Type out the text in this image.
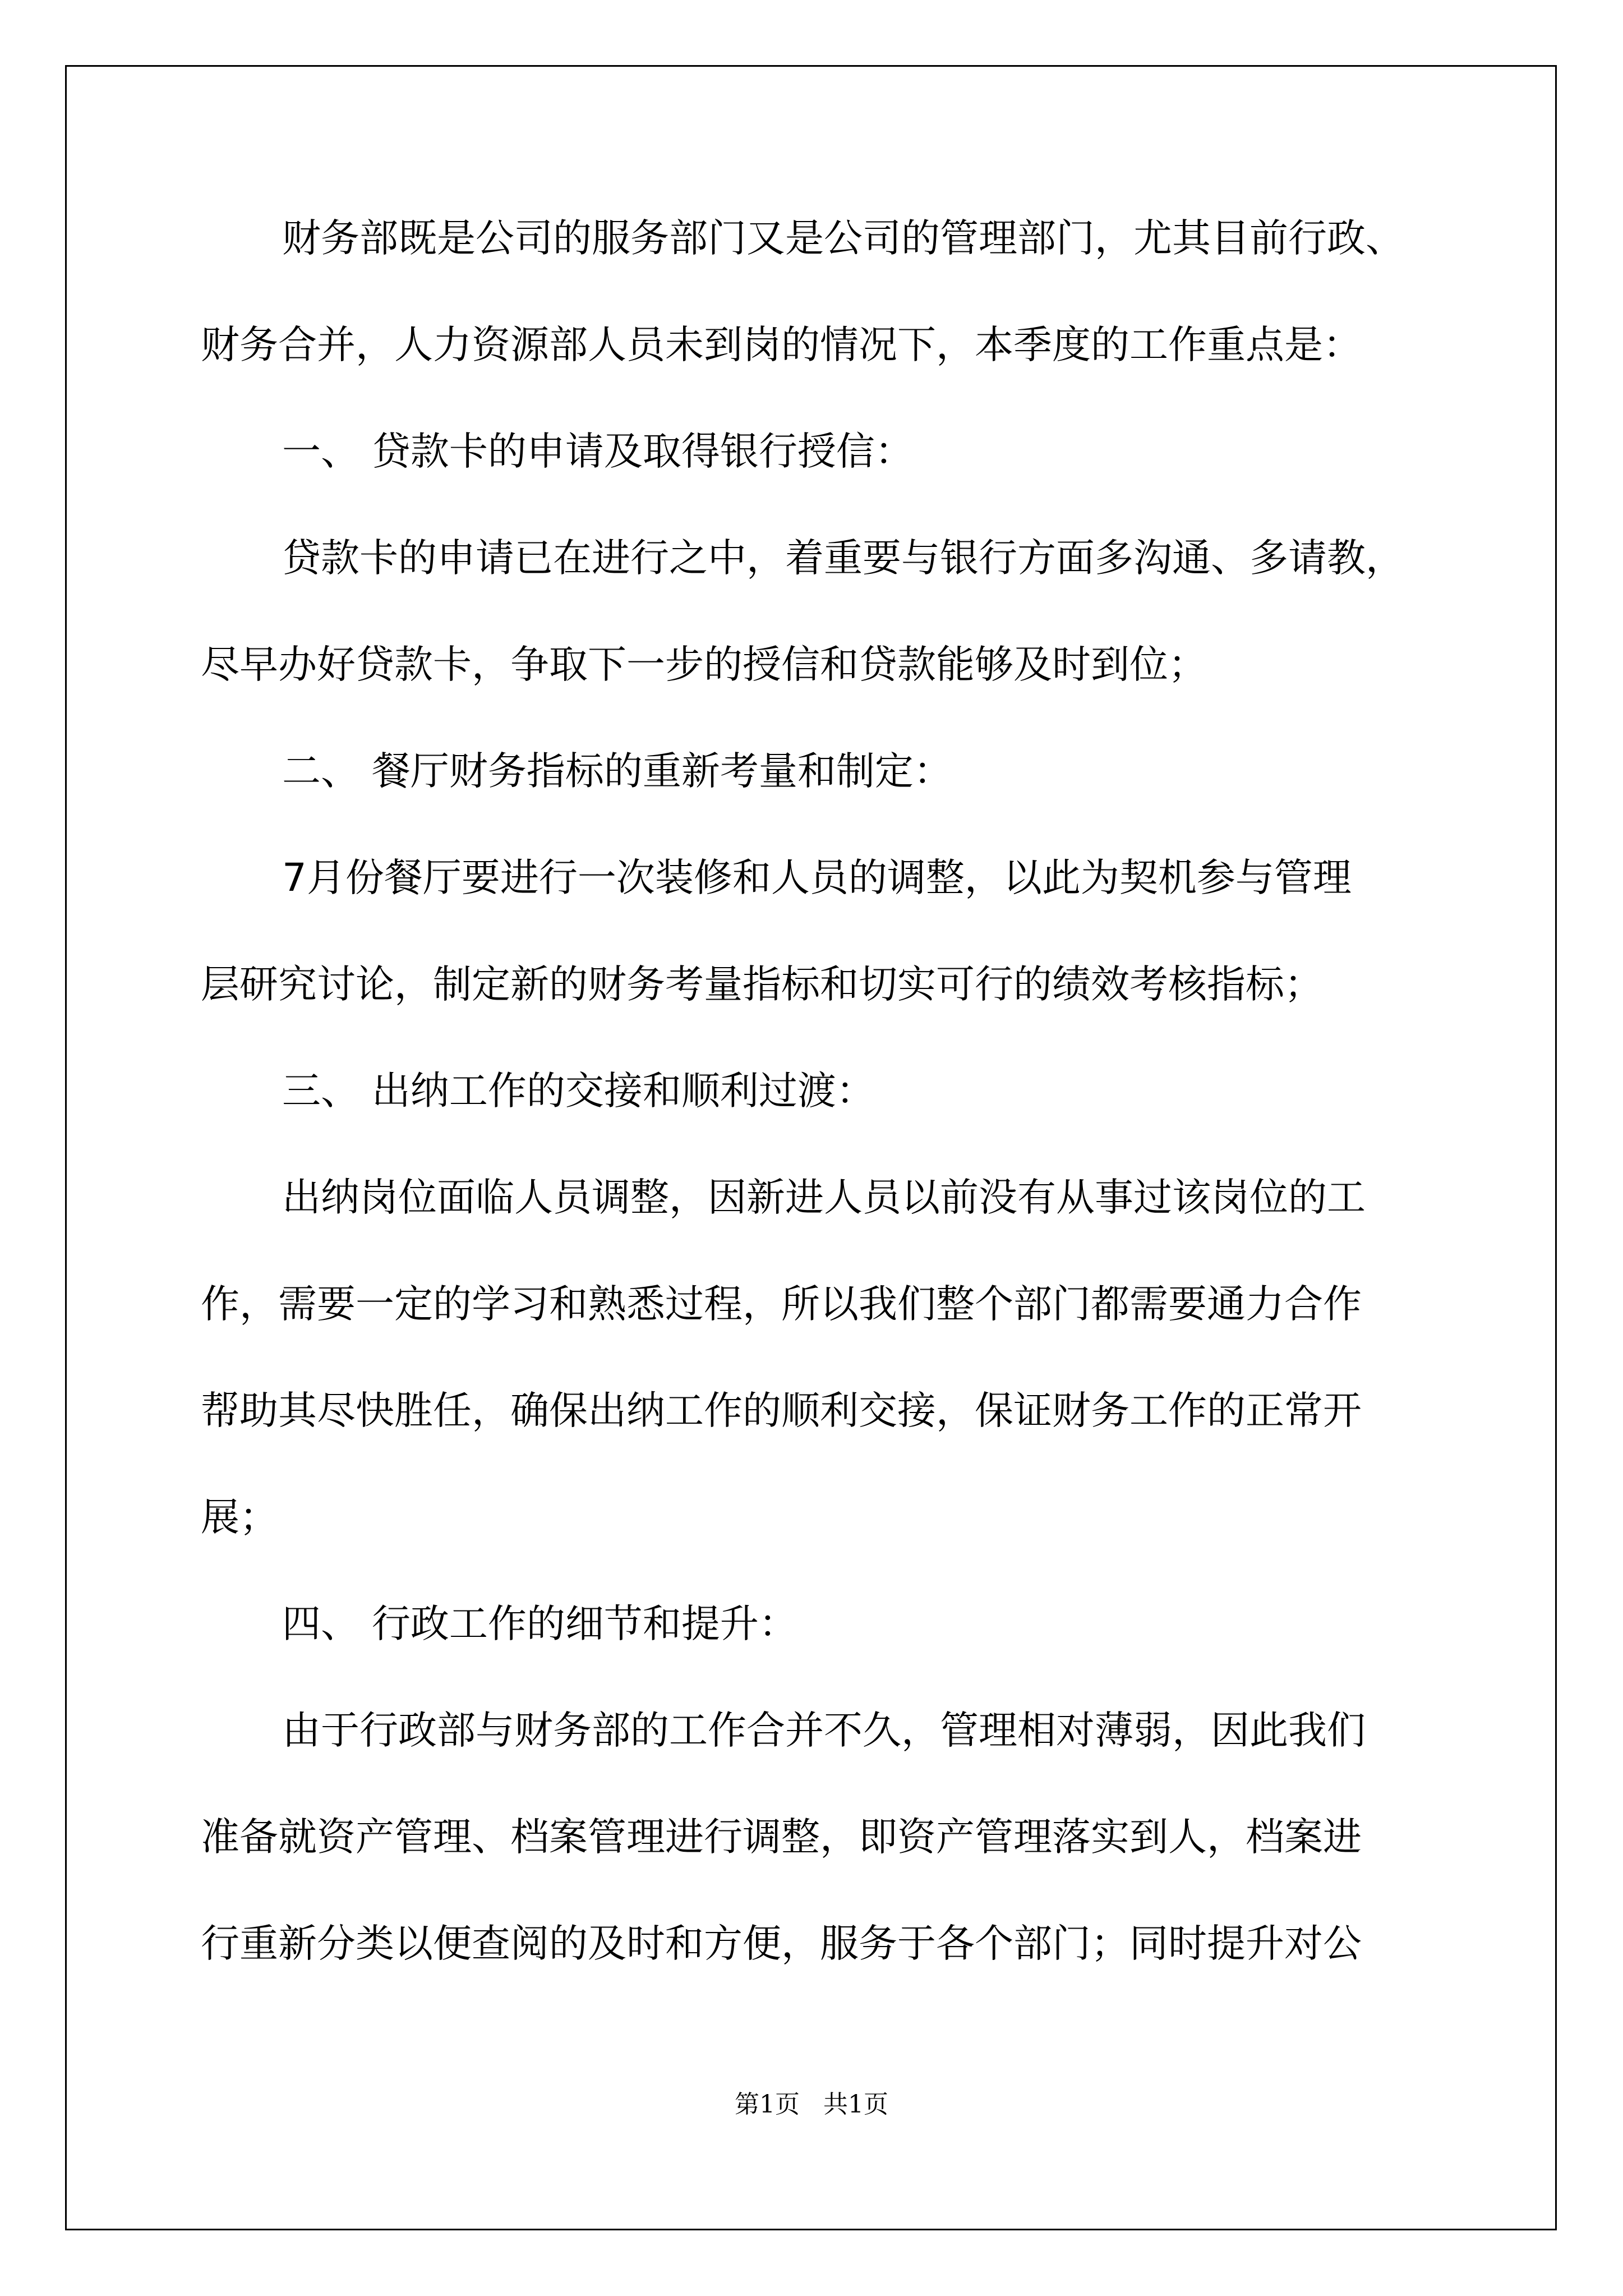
财务部既是公司的服务部门又是公司的管理部门，尤其目前行政、
财务合并，人力资源部人员未到岗的情况下，本季度的工作重点是：
一、 贷款卡的申请及取得银行授信：
贷款卡的申请已在进行之中，着重要与银行方面多沟通、多请教，
尽早办好贷款卡，争取下一步的授信和贷款能够及时到位；
二、 餐厅财务指标的重新考量和制定：
7月份餐厅要进行一次装修和人员的调整，以此为契机参与管理
层研究讨论，制定新的财务考量指标和切实可行的绩效考核指标；
三、 出纳工作的交接和顺利过渡：
出纳岗位面临人员调整，因新进人员以前没有从事过该岗位的工
作，需要一定的学习和熟悉过程，所以我们整个部门都需要通力合作
帮助其尽快胜任，确保出纳工作的顺利交接，保证财务工作的正常开
展；
四、 行政工作的细节和提升：
由于行政部与财务部的工作合并不久，管理相对薄弱，因此我们
准备就资产管理、档案管理进行调整，即资产管理落实到人，档案进
行重新分类以便查阅的及时和方便，服务于各个部门；同时提升对公
第1页   共1页
